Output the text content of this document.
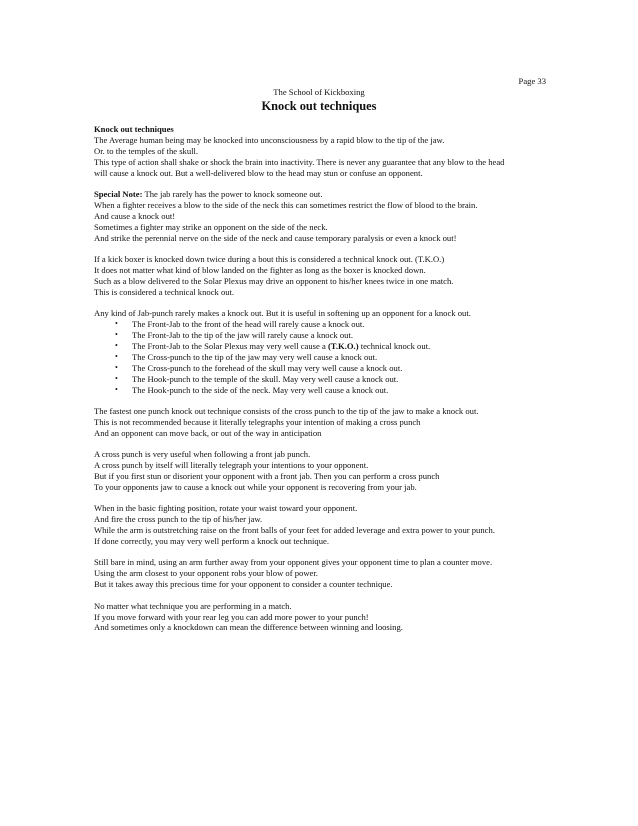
Page 33
The School of Kickboxing
Knock out techniques

Knock out techniques

The Average human being may be knocked into unconsciousness by a rapid blow to the tip of the jaw.

Or. to the temples of the skull.

This type of action shall shake or shock the brain into inactivity. There is never any guarantee that any blow to the head

will cause a knock out. But a well-delivered blow to the head may stun or confuse an opponent.

Special Note: The jab rarely has the power to knock someone out.

When a fighter receives a blow to the side of the neck this can sometimes restrict the flow of blood to the brain.

And cause a knock out!

Sometimes a fighter may strike an opponent on the side of the neck.

And strike the perennial nerve on the side of the neck and cause temporary paralysis or even a knock out!

If a kick boxer is knocked down twice during a bout this is considered a technical knock out. (T.K.O.)

It does not matter what kind of blow landed on the fighter as long as the boxer is knocked down.

Such as a blow delivered to the Solar Plexus may drive an opponent to his/her knees twice in one match.

This is considered a technical knock out.

Any kind of Jab-punch rarely makes a knock out. But it is useful in softening up an opponent for a knock out.

• The Front-Jab to the front of the head will rarely cause a knock out.
• The Front-Jab to the tip of the jaw will rarely cause a knock out.
• The Front-Jab to the Solar Plexus may very well cause a (T.K.O.) technical knock out.
• The Cross-punch to the tip of the jaw may very well cause a knock out.
• The Cross-punch to the forehead of the skull may very well cause a knock out.
• The Hook-punch to the temple of the skull. May very well cause a knock out.
• The Hook-punch to the side of the neck. May very well cause a knock out.

The fastest one punch knock out technique consists of the cross punch to the tip of the jaw to make a knock out.

This is not recommended because it literally telegraphs your intention of making a cross punch

And an opponent can move back, or out of the way in anticipation

A cross punch is very useful when following a front jab punch.

A cross punch by itself will literally telegraph your intentions to your opponent.

But if you first stun or disorient your opponent with a front jab. Then you can perform a cross punch

To your opponents jaw to cause a knock out while your opponent is recovering from your jab.

When in the basic fighting position, rotate your waist toward your opponent.

And fire the cross punch to the tip of his/her jaw.

While the arm is outstretching raise on the front balls of your feet for added leverage and extra power to your punch.

If done correctly, you may very well perform a knock out technique.

Still bare in mind, using an arm further away from your opponent gives your opponent time to plan a counter move.

Using the arm closest to your opponent robs your blow of power.

But it takes away this precious time for your opponent to consider a counter technique.

No matter what technique you are performing in a match.

If you move forward with your rear leg you can add more power to your punch!

And sometimes only a knockdown can mean the difference between winning and loosing.
